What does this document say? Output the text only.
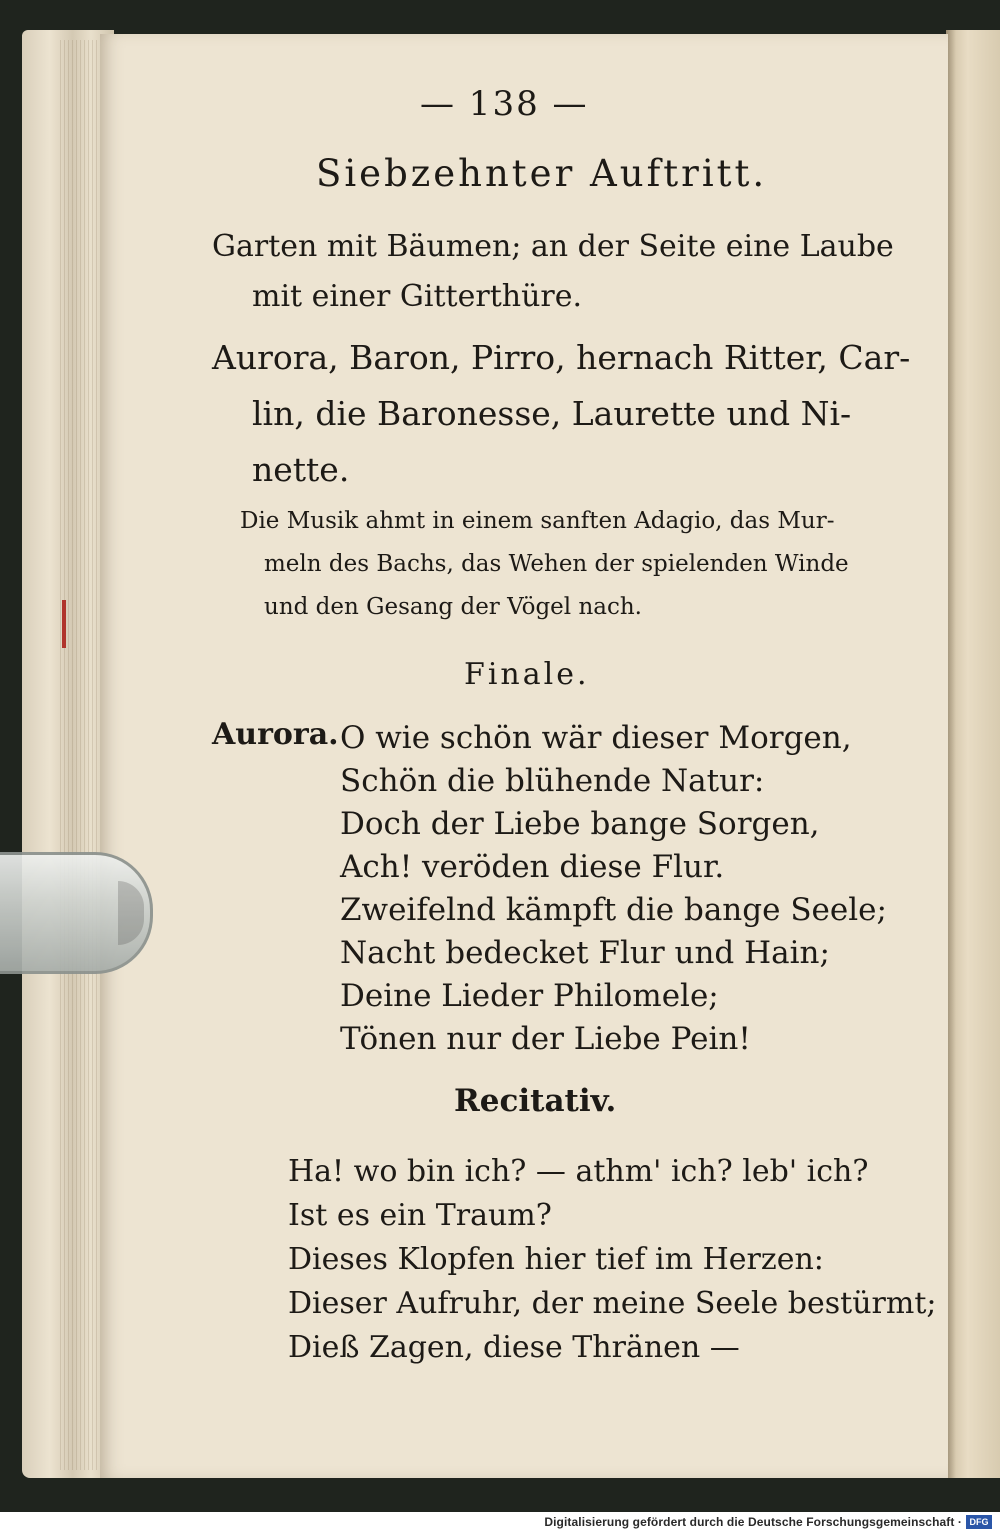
— 138 —
Siebzehnter Auftritt.
Garten mit Bäumen; an der Seite eine Laube
mit einer Gitterthüre.
Aurora, Baron, Pirro, hernach Ritter, Car-
lin, die Baronesse, Laurette und Ni-
nette.
Die Musik ahmt in einem sanften Adagio, das Mur-
meln des Bachs, das Wehen der spielenden Winde
und den Gesang der Vögel nach.
Finale.
Aurora. O wie schön wär dieser Morgen,
Schön die blühende Natur:
Doch der Liebe bange Sorgen,
Ach! veröden diese Flur.
Zweifelnd kämpft die bange Seele;
Nacht bedecket Flur und Hain;
Deine Lieder Philomele;
Tönen nur der Liebe Pein!
Recitativ.
Ha! wo bin ich? — athm' ich? leb' ich?
Ist es ein Traum?
Dieses Klopfen hier tief im Herzen:
Dieser Aufruhr, der meine Seele bestürmt;
Dieß Zagen, diese Thränen —
Digitalisierung gefördert durch die Deutsche Forschungsgemeinschaft · DFG
